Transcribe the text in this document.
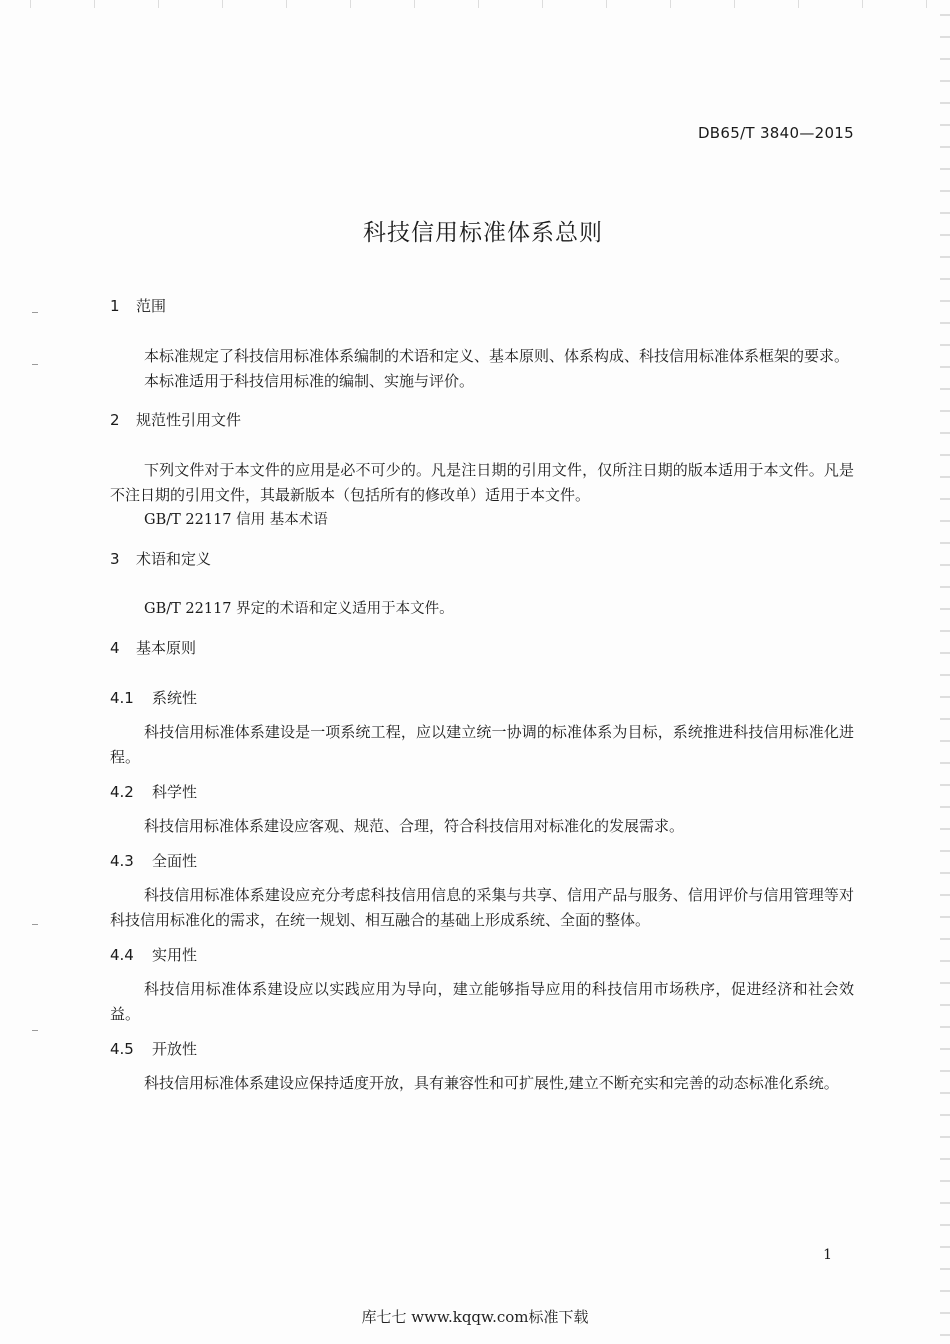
DB65/T 3840—2015
科技信用标准体系总则
1 范围
本标准规定了科技信用标准体系编制的术语和定义、基本原则、体系构成、科技信用标准体系框架的要求。
本标准适用于科技信用标准的编制、实施与评价。
2 规范性引用文件
下列文件对于本文件的应用是必不可少的。凡是注日期的引用文件，仅所注日期的版本适用于本文件。凡是不注日期的引用文件，其最新版本（包括所有的修改单）适用于本文件。
GB/T 22117 信用 基本术语
3 术语和定义
GB/T 22117 界定的术语和定义适用于本文件。
4 基本原则
4.1 系统性
科技信用标准体系建设是一项系统工程，应以建立统一协调的标准体系为目标，系统推进科技信用标准化进程。
4.2 科学性
科技信用标准体系建设应客观、规范、合理，符合科技信用对标准化的发展需求。
4.3 全面性
科技信用标准体系建设应充分考虑科技信用信息的采集与共享、信用产品与服务、信用评价与信用管理等对科技信用标准化的需求，在统一规划、相互融合的基础上形成系统、全面的整体。
4.4 实用性
科技信用标准体系建设应以实践应用为导向，建立能够指导应用的科技信用市场秩序，促进经济和社会效益。
4.5 开放性
科技信用标准体系建设应保持适度开放，具有兼容性和可扩展性,建立不断充实和完善的动态标准化系统。
1
库七七 www.kqqw.com标准下载
